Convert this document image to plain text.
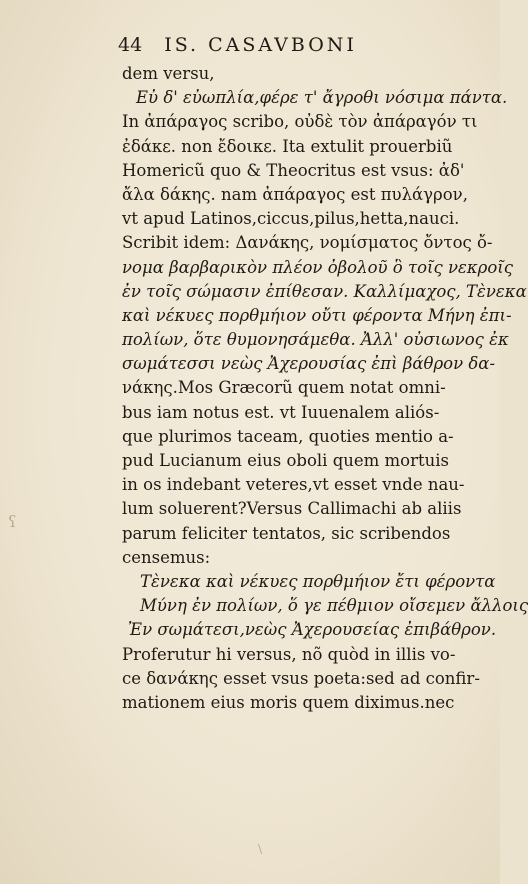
44 IS. CASAVBONI
dem versu,
Εὐ δ' εὐωπλία,φέρε τ' ἄγροθι νόσιμα πάντα.
In ἀπάραγος scribo, οὐδὲ τὸν ἀπάραγόν τι
ἐδάκε. non ἔδοικε. Ita extulit prouerbiũ
Homericũ quo & Theocritus est vsus: ἀδ'
ἄλα δάκης. nam ἀπάραγος est πυλάγρον,
vt apud Latinos,ciccus,pilus,hetta,nauci.
Scribit idem: Δανάκης, νομίσματος ὄντος ὄ-
νομα βαρβαρικὸν πλέον ὀβολοῦ ὃ τοῖς νεκροῖς
ἐν τοῖς σώμασιν ἐπίθεσαν. Καλλίμαχος, Τὲνεκα
καὶ νέκυες πορθμήιον οὔτι φέροντα Μήνη ἐπι-
πολίων, ὅτε θυμονησάμεθα. Ἀλλ' οὐσιωνος ἐκ
σωμάτεσσι νεὼς Ἀχερουσίας ἐπὶ βάθρον δα-
νάκης.Mos Græcorũ quem notat omni-
bus iam notus est. vt Iuuenalem aliós-
que plurimos taceam, quoties mentio a-
pud Lucianum eius oboli quem mortuis
in os indebant veteres,vt esset vnde nau-
lum soluerent?Versus Callimachi ab aliis
parum feliciter tentatos, sic scribendos
censemus:
Τὲνεκα καὶ νέκυες πορθμήιον ἔτι φέροντα
Μύνη ἐν πολίων, ὅ γε πέθμιον οἴσεμεν ἄλλοις
Ἐν σωμάτεσι,νεὼς Ἀχερουσείας ἐπιβάθρον.
Proferutur hi versus, nõ quòd in illis vo-
ce δανάκης esset vsus poeta:sed ad confir-
mationem eius moris quem diximus.nec
ʕ
\
